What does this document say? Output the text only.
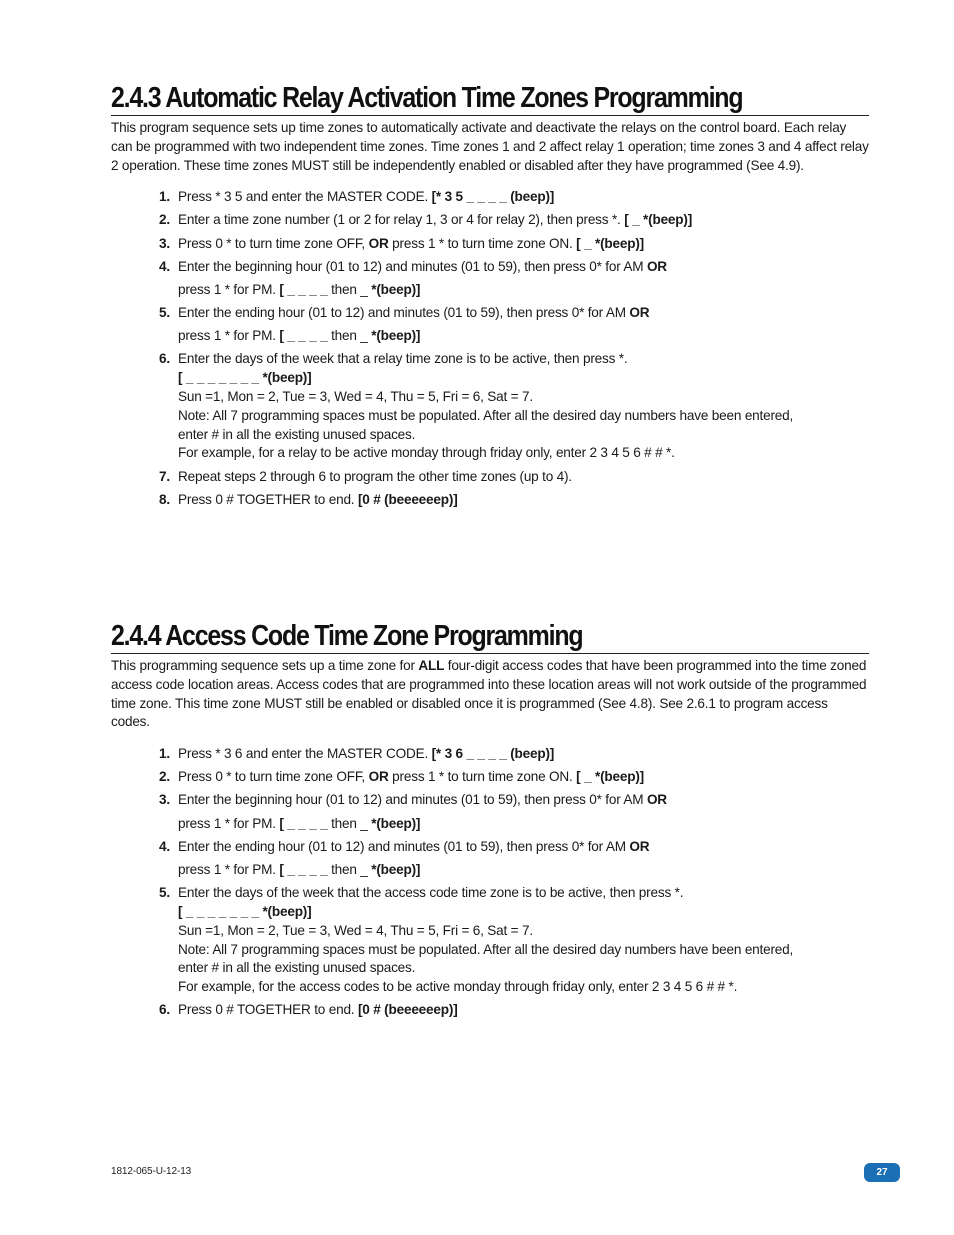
2.4.3 Automatic Relay Activation Time Zones Programming

This program sequence sets up time zones to automatically activate and deactivate the relays on the control board. Each relay can be programmed with two independent time zones. Time zones 1 and 2 affect relay 1 operation; time zones 3 and 4 affect relay 2 operation. These time zones MUST still be independently enabled or disabled after they have programmed (See 4.9).

1. Press * 3 5 and enter the MASTER CODE. [* 3 5 _ _ _ _ (beep)]
2. Enter a time zone number (1 or 2 for relay 1, 3 or 4 for relay 2), then press *. [ _ *(beep)]
3. Press 0 * to turn time zone OFF, OR press 1 * to turn time zone ON. [ _ *(beep)]
4. Enter the beginning hour (01 to 12) and minutes (01 to 59), then press 0* for AM OR
press 1 * for PM. [ _ _ _ _ then _ *(beep)]
5. Enter the ending hour (01 to 12) and minutes (01 to 59), then press 0* for AM OR
press 1 * for PM. [ _ _ _ _ then _ *(beep)]
6. Enter the days of the week that a relay time zone is to be active, then press *.
[ _ _ _ _ _ _ _ *(beep)]
Sun =1, Mon = 2, Tue = 3, Wed = 4, Thu = 5, Fri = 6, Sat = 7.
Note: All 7 programming spaces must be populated. After all the desired day numbers have been entered,
enter # in all the existing unused spaces.
For example, for a relay to be active monday through friday only, enter 2 3 4 5 6 # # *.
7. Repeat steps 2 through 6 to program the other time zones (up to 4).
8. Press 0 # TOGETHER to end. [0 # (beeeeeep)]
2.4.4 Access Code Time Zone Programming

This programming sequence sets up a time zone for ALL four-digit access codes that have been programmed into the time zoned access code location areas. Access codes that are programmed into these location areas will not work outside of the programmed time zone. This time zone MUST still be enabled or disabled once it is programmed (See 4.8). See 2.6.1 to program access codes.

1. Press * 3 6 and enter the MASTER CODE. [* 3 6 _ _ _ _ (beep)]
2. Press 0 * to turn time zone OFF, OR press 1 * to turn time zone ON. [ _ *(beep)]
3. Enter the beginning hour (01 to 12) and minutes (01 to 59), then press 0* for AM OR
press 1 * for PM. [ _ _ _ _ then _ *(beep)]
4. Enter the ending hour (01 to 12) and minutes (01 to 59), then press 0* for AM OR
press 1 * for PM. [ _ _ _ _ then _ *(beep)]
5. Enter the days of the week that the access code time zone is to be active, then press *.
[ _ _ _ _ _ _ _ *(beep)]
Sun =1, Mon = 2, Tue = 3, Wed = 4, Thu = 5, Fri = 6, Sat = 7.
Note: All 7 programming spaces must be populated. After all the desired day numbers have been entered,
enter # in all the existing unused spaces.
For example, for the access codes to be active monday through friday only, enter 2 3 4 5 6 # # *.
6. Press 0 # TOGETHER to end. [0 # (beeeeeep)]
1812-065-U-12-13	27
